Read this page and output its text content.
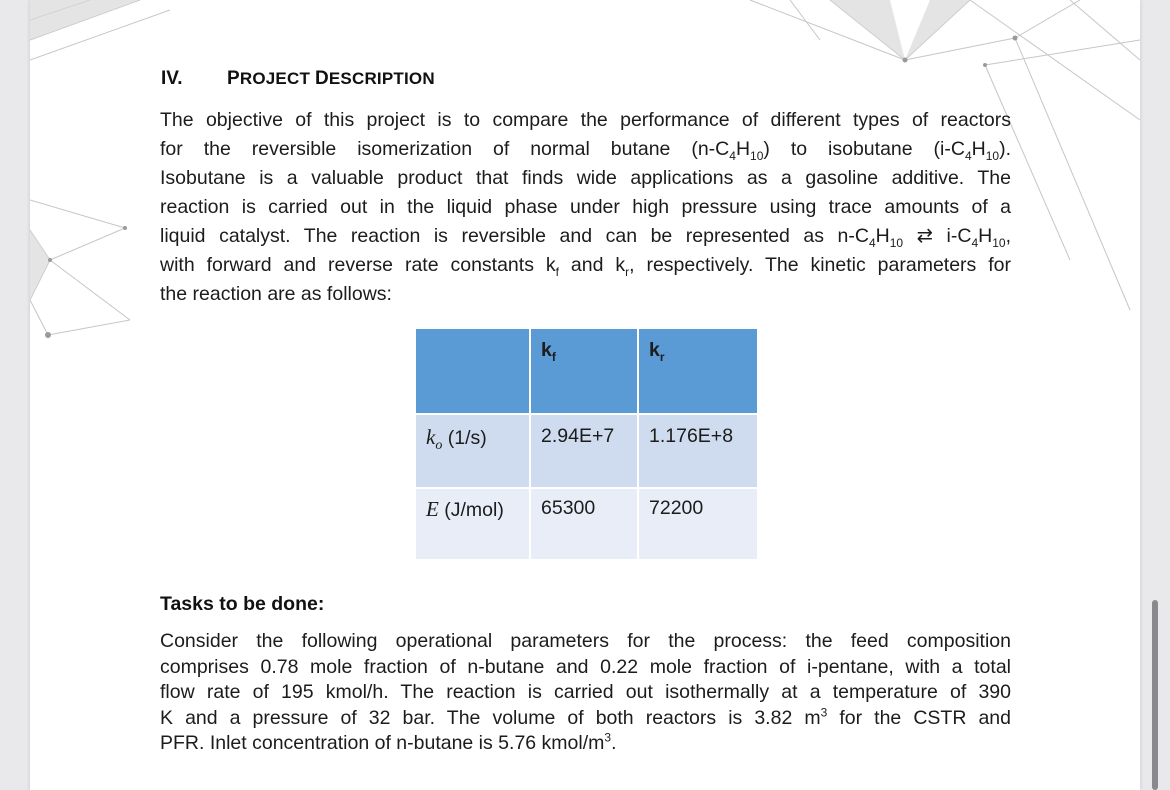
IV. PROJECT DESCRIPTION
The objective of this project is to compare the performance of different types of reactors
for the reversible isomerization of normal butane $(n-C_4H_{10})$ to isobutane $(i-C_4H_{10})$.
Isobutane is a valuable product that finds wide applications as a gasoline additive. The
reaction is carried out in the liquid phase under high pressure using trace amounts of a
liquid catalyst. The reaction is reversible and can be represented as $n-C_4H_{10}$ ⇄ $i-C_4H_{10}$,
with forward and reverse rate constants $k_f$ and $k_r$, respectively. The kinetic parameters for
the reaction are as follows:
	$k_f$	$k_r$
$k_o$ (1/s)	2.94E+7	1.176E+8
E (J/mol)	65300	72200
Tasks to be done:
Consider the following operational parameters for the process: the feed composition
comprises 0.78 mole fraction of n-butane and 0.22 mole fraction of i-pentane, with a total
flow rate of 195 kmol/h. The reaction is carried out isothermally at a temperature of 390
K and a pressure of 32 bar. The volume of both reactors is 3.82 $m^3$ for the CSTR and
PFR. Inlet concentration of n-butane is 5.76 kmol/$m^3$.
